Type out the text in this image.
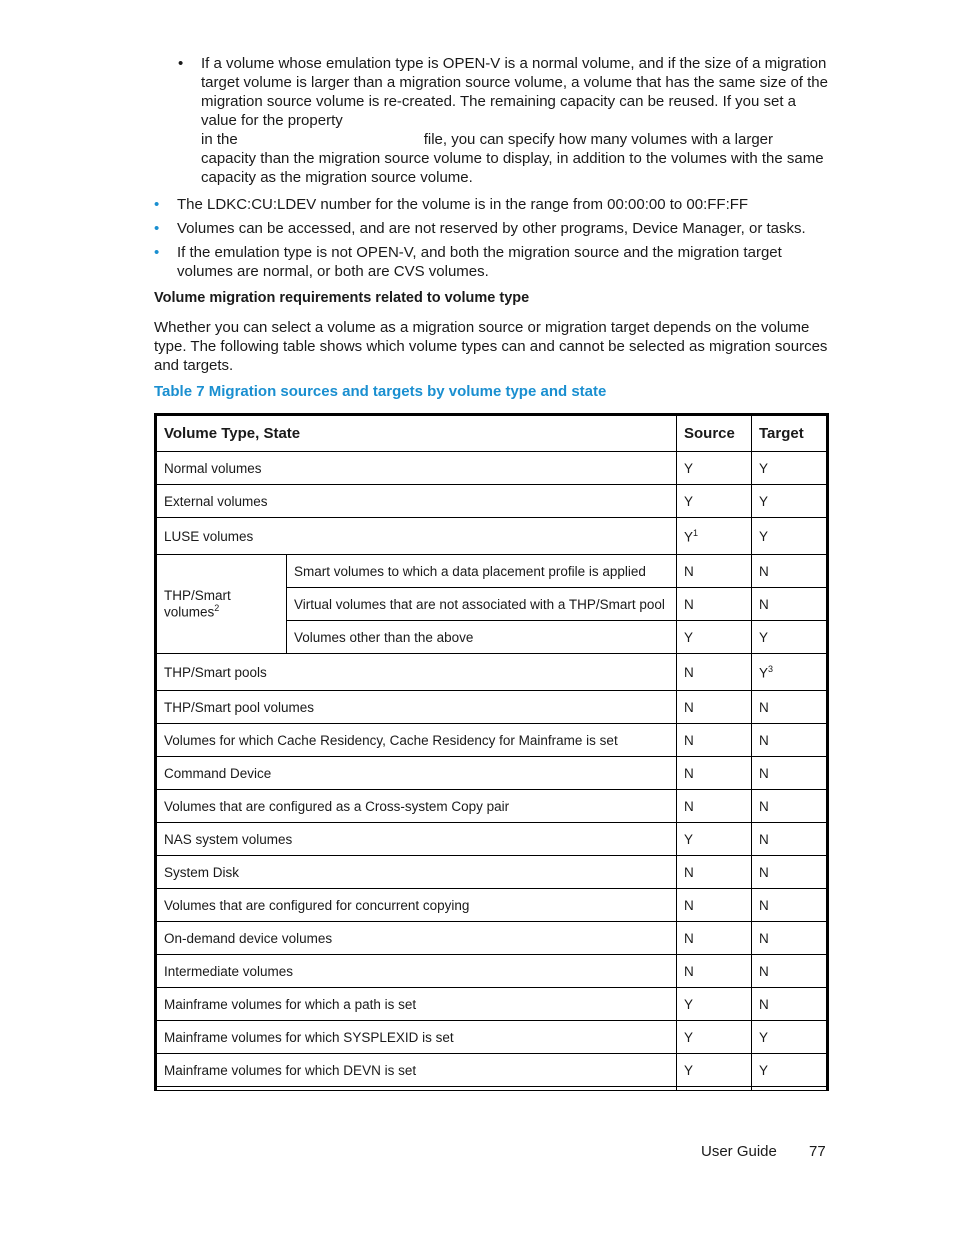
• If a volume whose emulation type is OPEN-V is a normal volume, and if the size of a migration target volume is larger than a migration source volume, a volume that has the same size of the migration source volume is re-created. The remaining capacity can be reused. If you set a value for the property
in the	file, you can specify how many volumes with a larger capacity than the migration source volume to display, in addition to the volumes with the same capacity as the migration source volume.
• The LDKC:CU:LDEV number for the volume is in the range from 00:00:00 to 00:FF:FF
• Volumes can be accessed, and are not reserved by other programs, Device Manager, or tasks.
• If the emulation type is not OPEN-V, and both the migration source and the migration target volumes are normal, or both are CVS volumes.
Volume migration requirements related to volume type
Whether you can select a volume as a migration source or migration target depends on the volume type. The following table shows which volume types can and cannot be selected as migration sources and targets.
Table 7 Migration sources and targets by volume type and state
Volume Type, State		Source	Target
Normal volumes		Y	Y
External volumes		Y	Y
LUSE volumes		$Y^1$	Y
THP/Smart volumes$^2$	Smart volumes to which a data placement profile is applied	N	N
	Virtual volumes that are not associated with a THP/Smart pool	N	N
	Volumes other than the above	Y	Y
THP/Smart pools		N	$Y^3$
THP/Smart pool volumes		N	N
Volumes for which Cache Residency, Cache Residency for Mainframe is set		N	N
Command Device		N	N
Volumes that are configured as a Cross-system Copy pair		N	N
NAS system volumes		Y	N
System Disk		N	N
Volumes that are configured for concurrent copying		N	N
On-demand device volumes		N	N
Intermediate volumes		N	N
Mainframe volumes for which a path is set		Y	N
Mainframe volumes for which SYSPLEXID is set		Y	Y
Mainframe volumes for which DEVN is set		Y	Y

User Guide 77
